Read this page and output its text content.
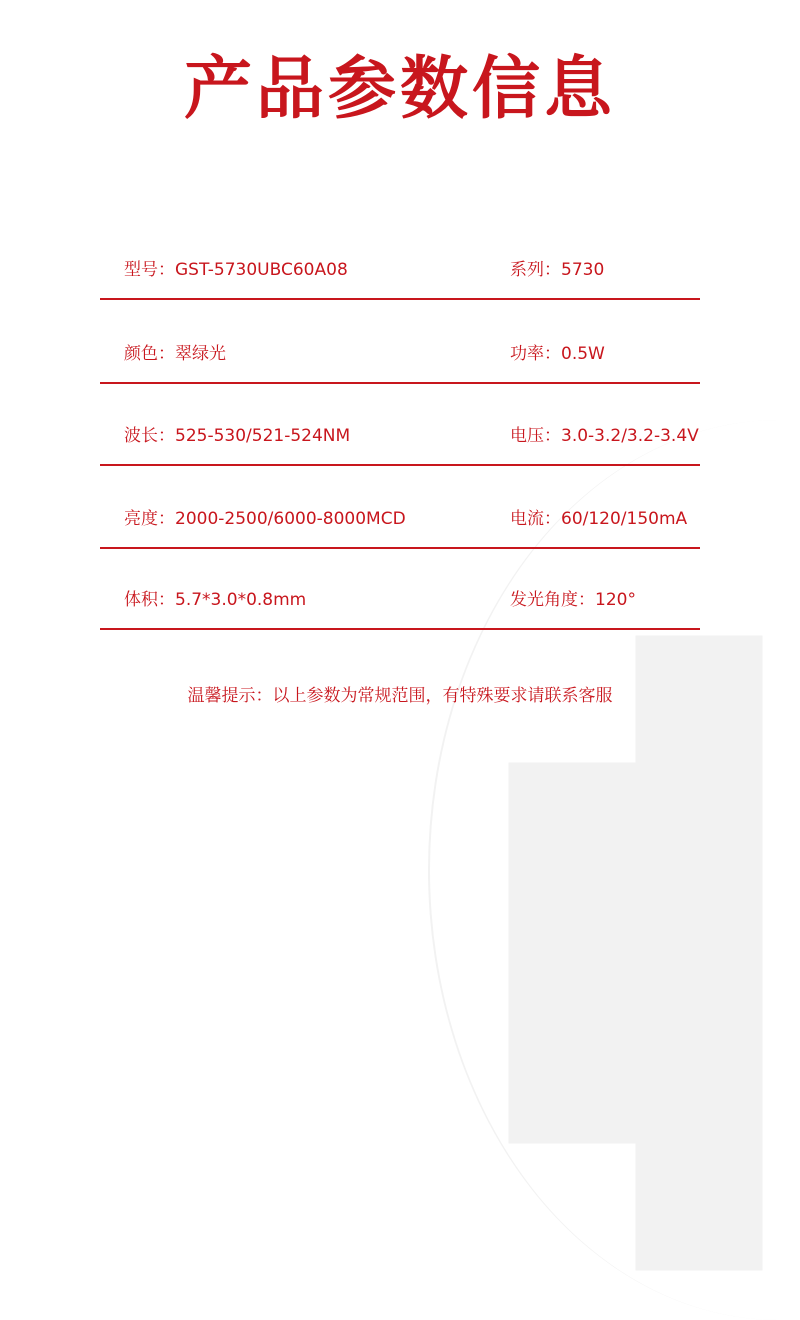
产品参数信息
型号：GST-5730UBC60A08	系列：5730
颜色：翠绿光	功率：0.5W
波长：525-530/521-524NM	电压：3.0-3.2/3.2-3.4V
亮度：2000-2500/6000-8000MCD	电流：60/120/150mA
体积：5.7*3.0*0.8mm	发光角度：120°
温馨提示：以上参数为常规范围，有特殊要求请联系客服
